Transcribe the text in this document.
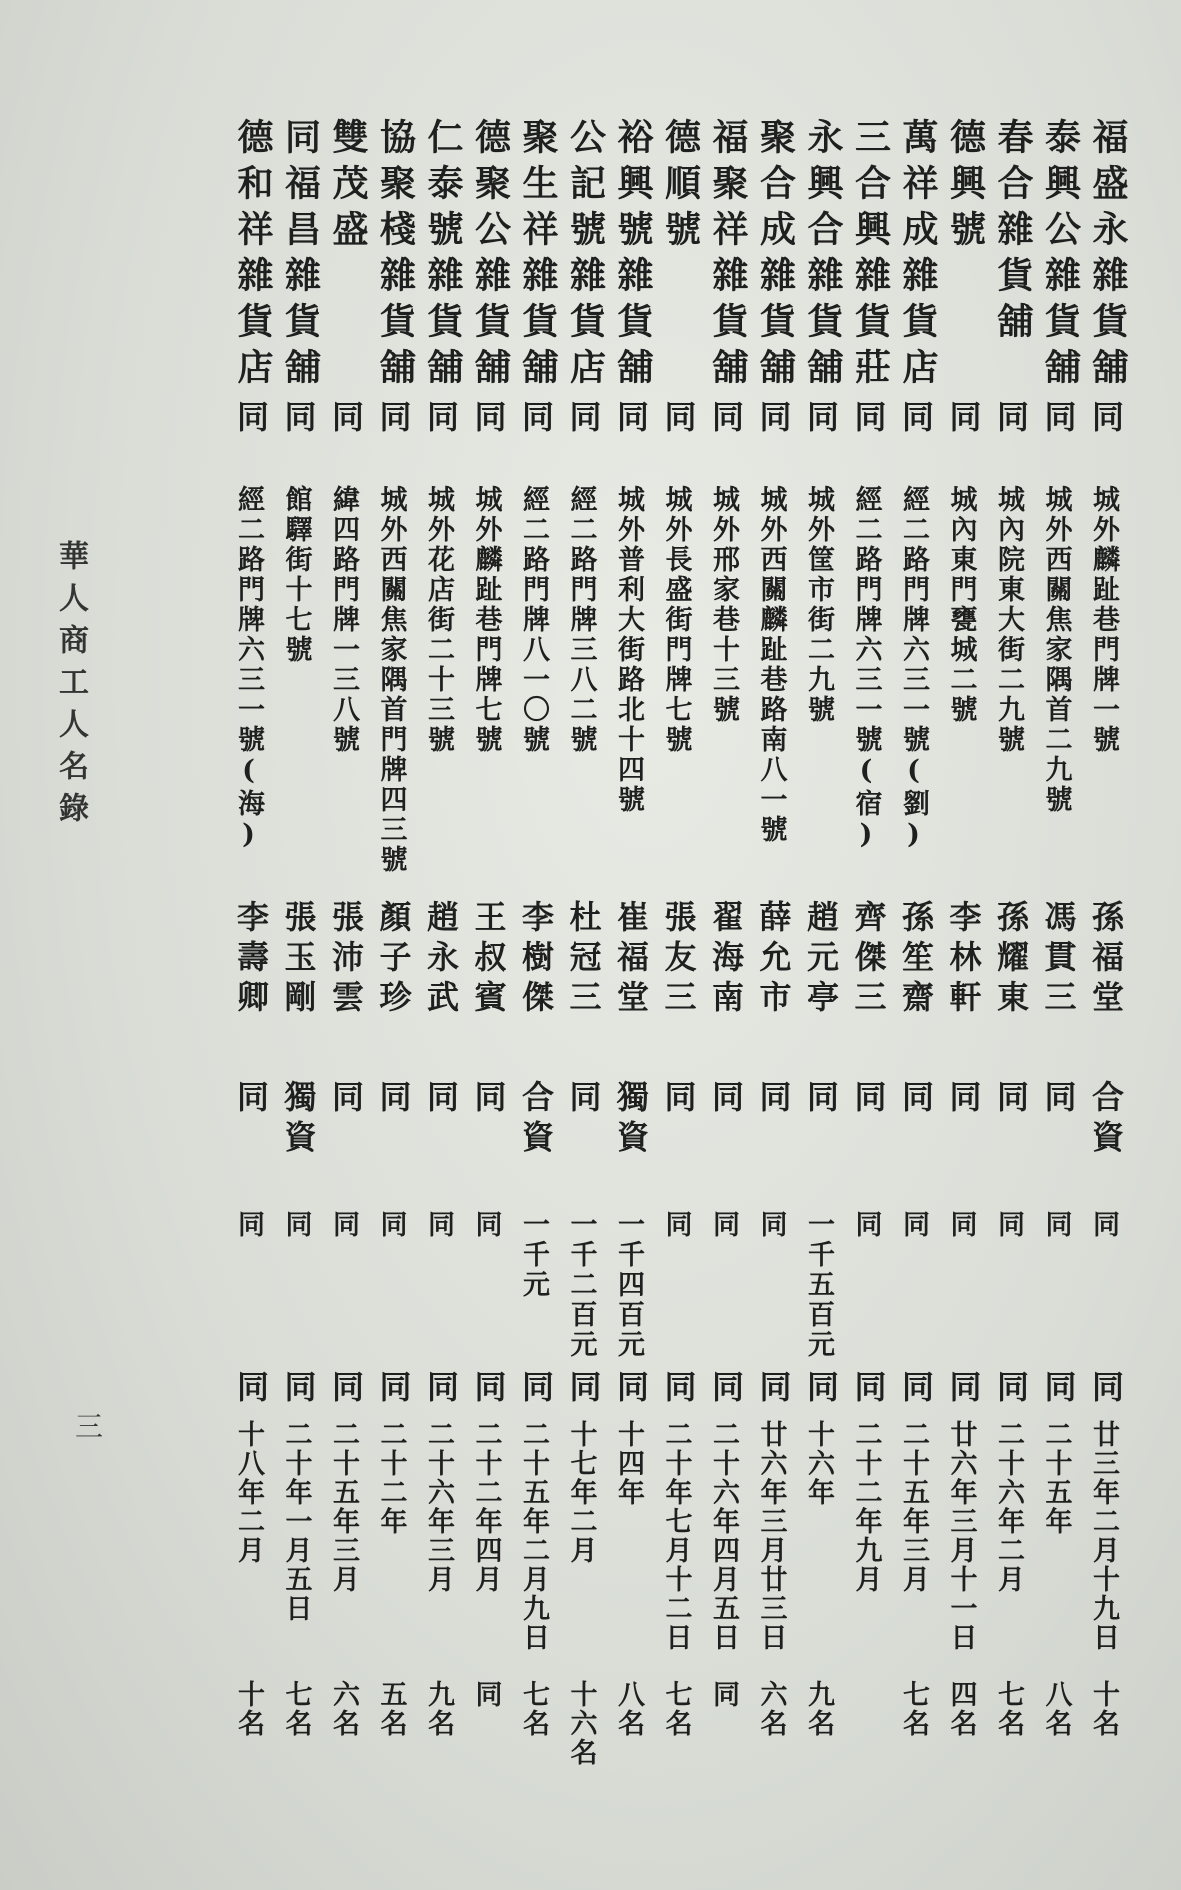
福盛永雜貨舖
同
城外麟趾巷門牌一號
孫福堂
合資
同
同
廿三年二月十九日
十名
泰興公雜貨舖
同
城外西關焦家隅首二九號
馮貫三
同
同
同
二十五年
八名
春合雜貨舖
同
城內院東大街二九號
孫耀東
同
同
同
二十六年二月
七名
德興號
同
城內東門甕城二號
李林軒
同
同
同
廿六年三月十一日
四名
萬祥成雜貨店
同
經二路門牌六三一號(劉)
孫笙齋
同
同
同
二十五年三月
七名
三合興雜貨莊
同
經二路門牌六三一號(宿)
齊傑三
同
同
同
二十二年九月
永興合雜貨舖
同
城外筐市街二九號
趙元亭
同
一千五百元
同
十六年
九名
聚合成雜貨舖
同
城外西關麟趾巷路南八一號
薛允市
同
同
同
廿六年三月廿三日
六名
福聚祥雜貨舖
同
城外邢家巷十三號
翟海南
同
同
同
二十六年四月五日
同
德順號
同
城外長盛街門牌七號
張友三
同
同
同
二十年七月十二日
七名
裕興號雜貨舖
同
城外普利大街路北十四號
崔福堂
獨資
一千四百元
同
十四年
八名
公記號雜貨店
同
經二路門牌三八二號
杜冠三
同
一千二百元
同
十七年二月
十六名
聚生祥雜貨舖
同
經二路門牌八一〇號
李樹傑
合資
一千元
同
二十五年二月九日
七名
德聚公雜貨舖
同
城外麟趾巷門牌七號
王叔賓
同
同
同
二十二年四月
同
仁泰號雜貨舖
同
城外花店街二十三號
趙永武
同
同
同
二十六年三月
九名
協聚棧雜貨舖
同
城外西關焦家隅首門牌四三號
顏子珍
同
同
同
二十二年
五名
雙茂盛
同
緯四路門牌一三八號
張沛雲
同
同
同
二十五年三月
六名
同福昌雜貨舖
同
館驛街十七號
張玉剛
獨資
同
同
二十年一月五日
七名
德和祥雜貨店
同
經二路門牌六三一號(海)
李壽卿
同
同
同
十八年二月
十名
華人商工人名錄
三
